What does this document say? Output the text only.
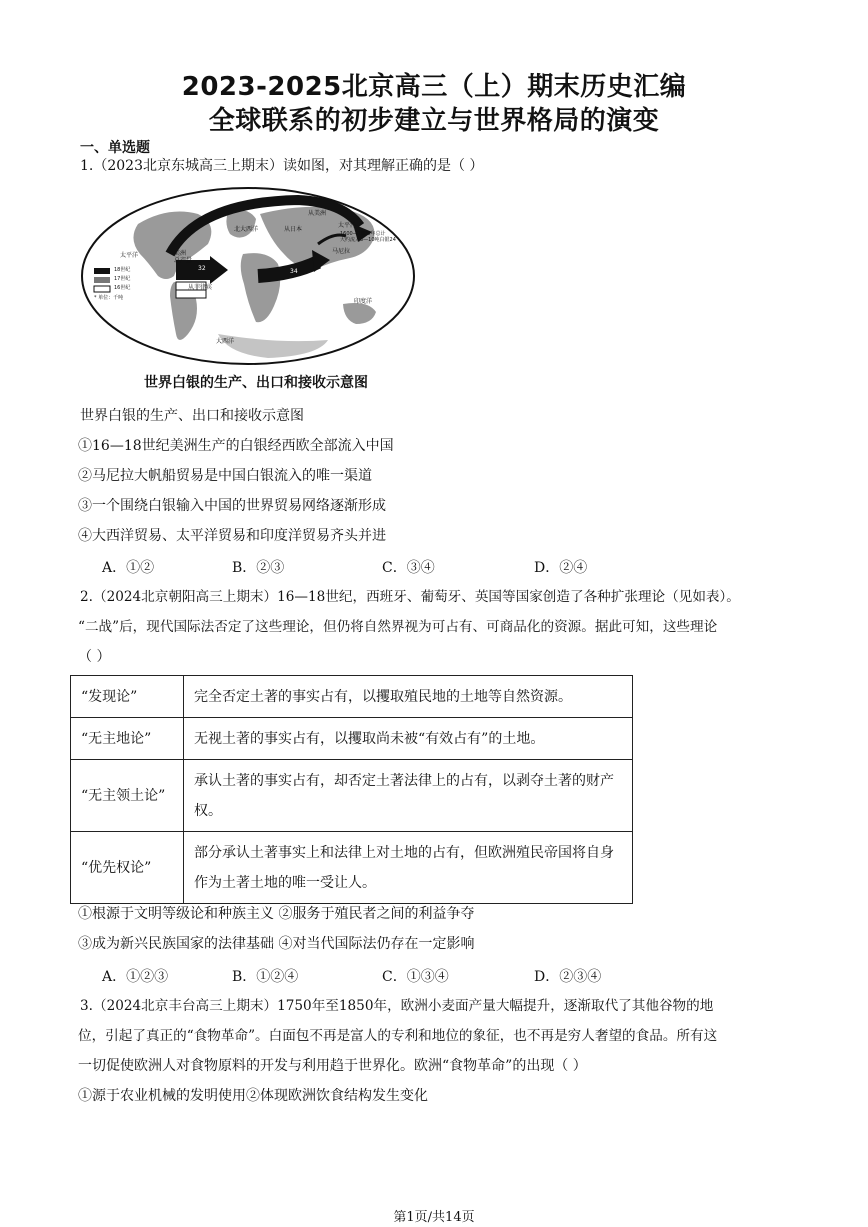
2023-2025北京高三（上）期末历史汇编
全球联系的初步建立与世界格局的演变
一、单选题
1.（2023北京东城高三上期末）读如图，对其理解正确的是（ ）
太平洋
北大西洋
太平洋
印度洋
大西洋
美洲
总产量
从日本
从美洲
马尼拉
1600—1800年总计
大约流入3—10吨白银24
32
从菲律宾
34
18世纪
17世纪
16世纪
* 单位：千吨
世界白银的生产、出口和接收示意图
世界白银的生产、出口和接收示意图
①16—18世纪美洲生产的白银经西欧全部流入中国
②马尼拉大帆船贸易是中国白银流入的唯一渠道
③一个围绕白银输入中国的世界贸易网络逐渐形成
④大西洋贸易、太平洋贸易和印度洋贸易齐头并进
A．①②	B．②③	C．③④	D．②④
2.（2024北京朝阳高三上期末）16—18世纪，西班牙、葡萄牙、英国等国家创造了各种扩张理论（见如表）。
“二战”后，现代国际法否定了这些理论，但仍将自然界视为可占有、可商品化的资源。据此可知，这些理论
（ ）
“发现论”	完全否定土著的事实占有，以攫取殖民地的土地等自然资源。
“无主地论”	无视土著的事实占有，以攫取尚未被“有效占有”的土地。
“无主领土论”	承认土著的事实占有，却否定土著法律上的占有，以剥夺土著的财产权。
“优先权论”	部分承认土著事实上和法律上对土地的占有，但欧洲殖民帝国将自身作为土著土地的唯一受让人。
①根源于文明等级论和种族主义 ②服务于殖民者之间的利益争夺
③成为新兴民族国家的法律基础 ④对当代国际法仍存在一定影响
A．①②③	B．①②④	C．①③④	D．②③④
3.（2024北京丰台高三上期末）1750年至1850年，欧洲小麦面产量大幅提升，逐渐取代了其他谷物的地
位，引起了真正的“食物革命”。白面包不再是富人的专利和地位的象征，也不再是穷人奢望的食品。所有这
一切促使欧洲人对食物原料的开发与利用趋于世界化。欧洲“食物革命”的出现（ ）
①源于农业机械的发明使用②体现欧洲饮食结构发生变化
第1页/共14页
